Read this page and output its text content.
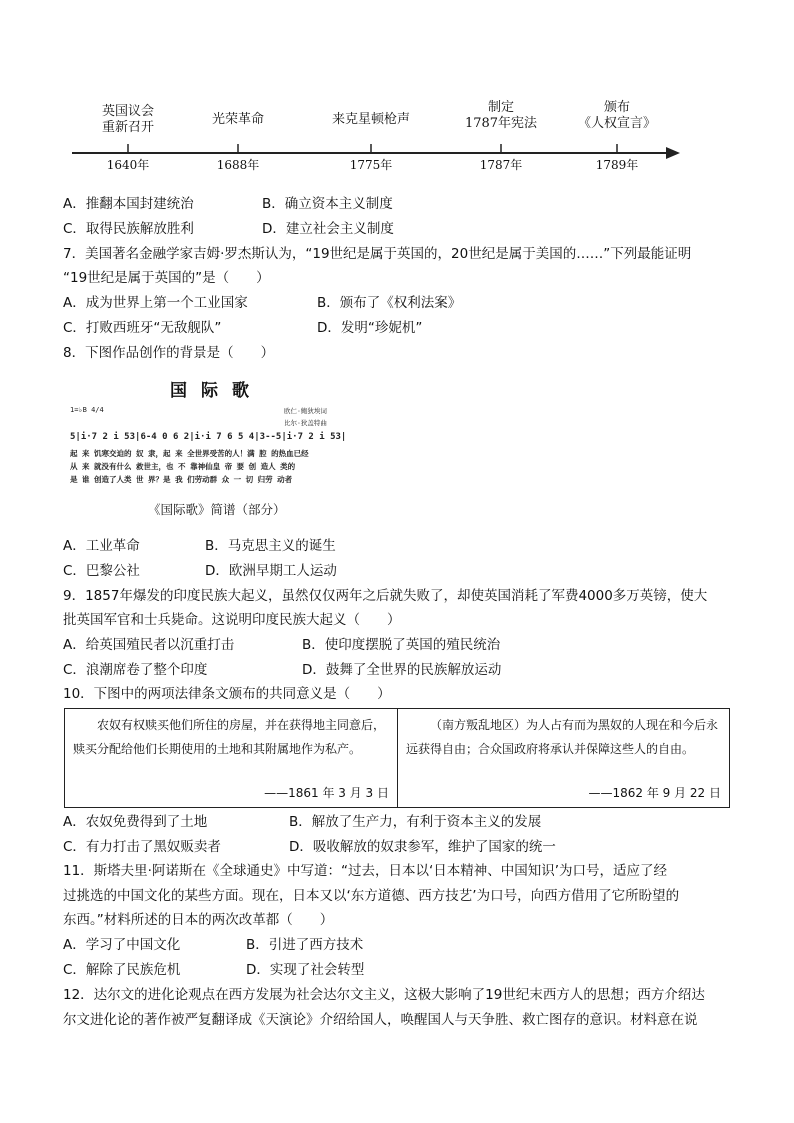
英国议会
重新召开
光荣革命	来克星顿枪声
制定
1787年宪法
颁布
《人权宣言》
1640年	1688年	1775年	1787年	1789年
A．推翻本国封建统治	B．确立资本主义制度
C．取得民族解放胜利	D．建立社会主义制度
7．美国著名金融学家吉姆·罗杰斯认为，“19世纪是属于英国的，20世纪是属于美国的……”下列最能证明
“19世纪是属于英国的”是（　　）
A．成为世界上第一个工业国家	B．颁布了《权利法案》
C．打败西班牙“无敌舰队”	D．发明“珍妮机”
8．下图作品创作的背景是（　　）
国际歌
1=♭B 4/4	欧仁·鲍狄埃词
比尔·狄盖特曲
5|i·7 2 i 53|6-4 0 6 2|i·i 7 6 5 4|3--5|i·7 2 i 53|
起 来 饥寒交迫的 奴 隶，起 来 全世界受苦的人！满 腔 的热血已经
从 来 就没有什么 救世主，也 不 靠神仙皇 帝 要 创 造人 类的
是 谁 创造了人类 世 界？是 我 们劳动群 众 一 切 归劳 动者
《国际歌》简谱（部分）
A．工业革命	B．马克思主义的诞生
C．巴黎公社	D．欧洲早期工人运动
9．1857年爆发的印度民族大起义，虽然仅仅两年之后就失败了，却使英国消耗了军费4000多万英镑，使大
批英国军官和士兵毙命。这说明印度民族大起义（　　）
A．给英国殖民者以沉重打击	B．使印度摆脱了英国的殖民统治
C．浪潮席卷了整个印度	D．鼓舞了全世界的民族解放运动
10．下图中的两项法律条文颁布的共同意义是（　　）
农奴有权赎买他们所住的房屋，并在获得地主同意后，赎买分配给他们长期使用的土地和其附属地作为私产。
——1861 年 3 月 3 日
（南方叛乱地区）为人占有而为黑奴的人现在和今后永远获得自由；合众国政府将承认并保障这些人的自由。
——1862 年 9 月 22 日
A．农奴免费得到了土地	B．解放了生产力，有利于资本主义的发展
C．有力打击了黑奴贩卖者	D．吸收解放的奴隶参军，维护了国家的统一
11．斯塔夫里·阿诺斯在《全球通史》中写道：“过去，日本以‘日本精神、中国知识’为口号，适应了经
过挑选的中国文化的某些方面。现在，日本又以‘东方道德、西方技艺’为口号，向西方借用了它所盼望的
东西。”材料所述的日本的两次改革都（　　）
A．学习了中国文化	B．引进了西方技术
C．解除了民族危机	D．实现了社会转型
12．达尔文的进化论观点在西方发展为社会达尔文主义，这极大影响了19世纪末西方人的思想；西方介绍达
尔文进化论的著作被严复翻译成《天演论》介绍给国人，唤醒国人与天争胜、救亡图存的意识。材料意在说
